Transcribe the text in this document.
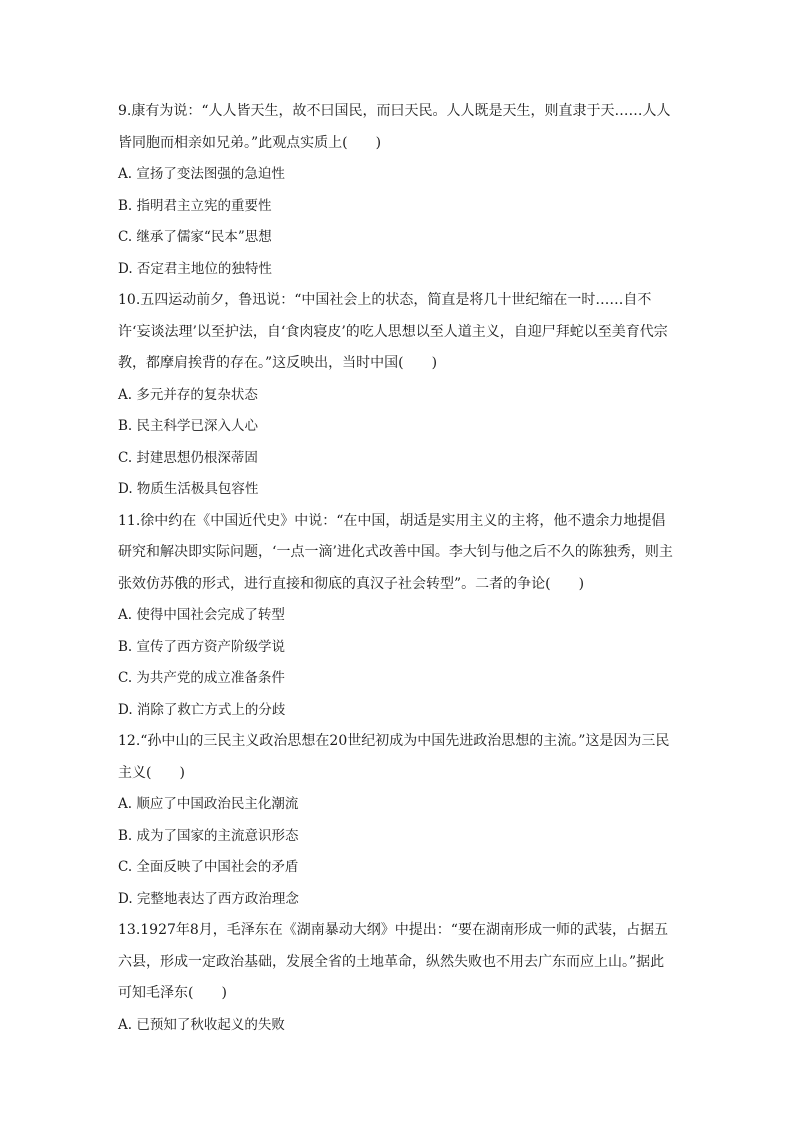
9.康有为说：“人人皆天生，故不曰国民，而曰天民。人人既是天生，则直隶于天……人人皆同胞而相亲如兄弟。”此观点实质上(　　)

A. 宣扬了变法图强的急迫性

B. 指明君主立宪的重要性

C. 继承了儒家“民本”思想

D. 否定君主地位的独特性

10.五四运动前夕，鲁迅说：“中国社会上的状态，简直是将几十世纪缩在一时……自不许‘妄谈法理’以至护法，自‘食肉寝皮’的吃人思想以至人道主义，自迎尸拜蛇以至美育代宗教，都摩肩挨背的存在。”这反映出，当时中国(　　)

A. 多元并存的复杂状态

B. 民主科学已深入人心

C. 封建思想仍根深蒂固

D. 物质生活极具包容性

11.徐中约在《中国近代史》中说：“在中国，胡适是实用主义的主将，他不遗余力地提倡研究和解决即实际问题，‘一点一滴’进化式改善中国。李大钊与他之后不久的陈独秀，则主张效仿苏俄的形式，进行直接和彻底的真汉子社会转型”。二者的争论(　　)

A. 使得中国社会完成了转型

B. 宣传了西方资产阶级学说

C. 为共产党的成立准备条件

D. 消除了救亡方式上的分歧

12.“孙中山的三民主义政治思想在20世纪初成为中国先进政治思想的主流。”这是因为三民主义(　　)

A. 顺应了中国政治民主化潮流

B. 成为了国家的主流意识形态

C. 全面反映了中国社会的矛盾

D. 完整地表达了西方政治理念

13.1927年8月，毛泽东在《湖南暴动大纲》中提出：“要在湖南形成一师的武装，占据五六县，形成一定政治基础，发展全省的土地革命，纵然失败也不用去广东而应上山。”据此可知毛泽东(　　)

A. 已预知了秋收起义的失败
